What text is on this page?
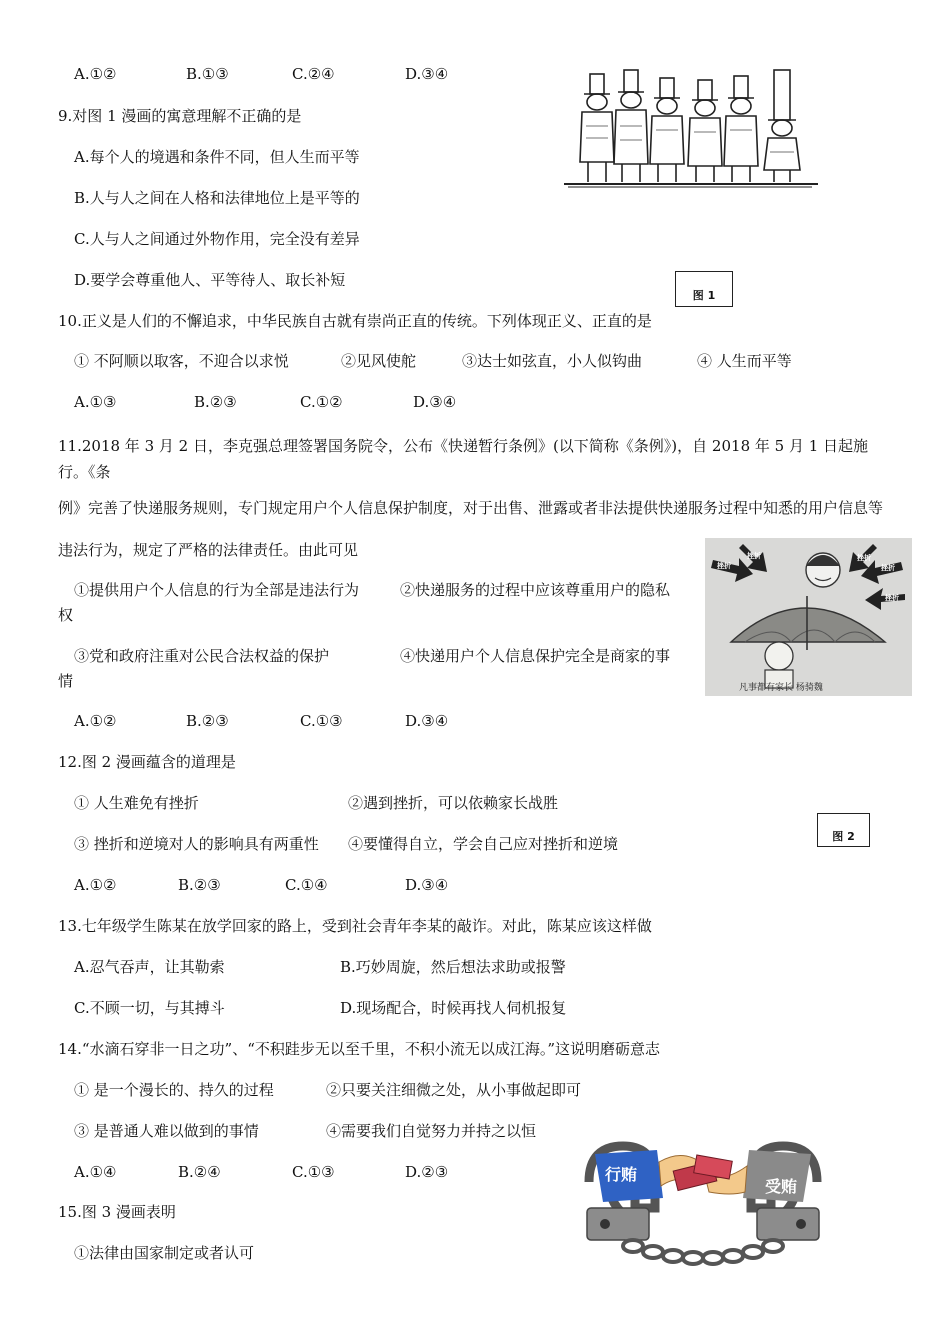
A.①②	B.①③	C.②④	D.③④
9.对图 1 漫画的寓意理解不正确的是
A.每个人的境遇和条件不同，但人生而平等
B.人与人之间在人格和法律地位上是平等的
C.人与人之间通过外物作用，完全没有差异
D.要学会尊重他人、平等待人、取长补短
图 1
10.正义是人们的不懈追求，中华民族自古就有崇尚正直的传统。下列体现正义、正直的是
① 不阿顺以取客，不迎合以求悦	②见风使舵	③达士如弦直，小人似钩曲	④ 人生而平等
A.①③	B.②③	C.①②	D.③④
11.2018 年 3 月 2 日，李克强总理签署国务院令，公布《快递暂行条例》(以下简称《条例》)，自 2018 年 5 月 1 日起施行。《条
例》完善了快递服务规则，专门规定用户个人信息保护制度，对于出售、泄露或者非法提供快递服务过程中知悉的用户信息等
违法行为，规定了严格的法律责任。由此可见
①提供用户个人信息的行为全部是违法行为	②快递服务的过程中应该尊重用户的隐私
权
③党和政府注重对公民合法权益的保护	④快递用户个人信息保护完全是商家的事
情
A.①②	B.②③	C.①③	D.③④
挫折
挫折
挫折
挫折
挫折
凡事都有家长 杨骑魏
12.图 2 漫画蕴含的道理是
① 人生难免有挫折	②遇到挫折，可以依赖家长战胜
③ 挫折和逆境对人的影响具有两重性 ④要懂得自立，学会自己应对挫折和逆境
A.①②	B.②③	C.①④	D.③④
图 2
13.七年级学生陈某在放学回家的路上，受到社会青年李某的敲诈。对此，陈某应该这样做
A.忍气吞声，让其勒索	B.巧妙周旋，然后想法求助或报警
C.不顾一切，与其搏斗	D.现场配合，时候再找人伺机报复
14.“水滴石穿非一日之功”、“不积跬步无以至千里，不积小流无以成江海。”这说明磨砺意志
① 是一个漫长的、持久的过程	②只要关注细微之处，从小事做起即可
③ 是普通人难以做到的事情	④需要我们自觉努力并持之以恒
A.①④	B.②④	C.①③	D.②③	行贿
受贿
15.图 3 漫画表明
①法律由国家制定或者认可
